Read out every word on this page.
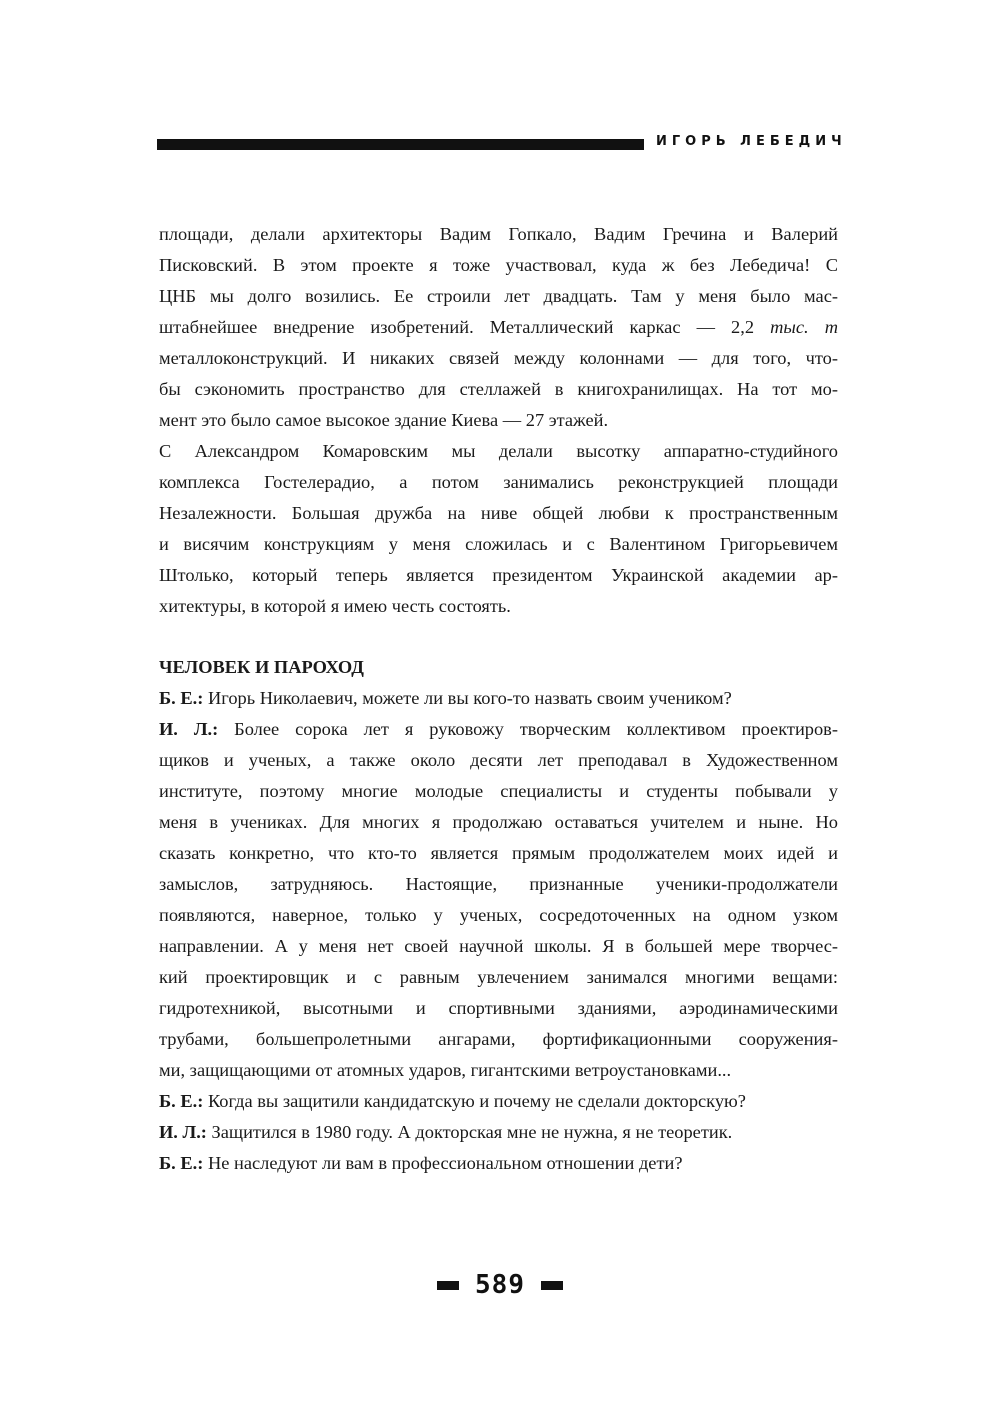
ИГОРЬ ЛЕБЕДИЧ
площади, делали архитекторы Вадим Гопкало, Вадим Гречина и Валерий
Писковский. В этом проекте я тоже участвовал, куда ж без Лебедича! С
ЦНБ мы долго возились. Ее строили лет двадцать. Там у меня было мас-
штабнейшее внедрение изобретений. Металлический каркас — 2,2 тыс. т
металлоконструкций. И никаких связей между колоннами — для того, что-
бы сэкономить пространство для стеллажей в книгохранилищах. На тот мо-
мент это было самое высокое здание Киева — 27 этажей.
С Александром Комаровским мы делали высотку аппаратно-студийного
комплекса Гостелерадио, а потом занимались реконструкцией площади
Незалежности. Большая дружба на ниве общей любви к пространственным
и висячим конструкциям у меня сложилась и с Валентином Григорьевичем
Штолько, который теперь является президентом Украинской академии ар-
хитектуры, в которой я имею честь состоять.
ЧЕЛОВЕК И ПАРОХОД
Б. Е.: Игорь Николаевич, можете ли вы кого-то назвать своим учеником?
И. Л.: Более сорока лет я руковожу творческим коллективом проектиров-
щиков и ученых, а также около десяти лет преподавал в Художественном
институте, поэтому многие молодые специалисты и студенты побывали у
меня в учениках. Для многих я продолжаю оставаться учителем и ныне. Но
сказать конкретно, что кто-то является прямым продолжателем моих идей и
замыслов, затрудняюсь. Настоящие, признанные ученики-продолжатели
появляются, наверное, только у ученых, сосредоточенных на одном узком
направлении. А у меня нет своей научной школы. Я в большей мере творчес-
кий проектировщик и с равным увлечением занимался многими вещами:
гидротехникой, высотными и спортивными зданиями, аэродинамическими
трубами, большепролетными ангарами, фортификационными сооружения-
ми, защищающими от атомных ударов, гигантскими ветроустановками...
Б. Е.: Когда вы защитили кандидатскую и почему не сделали докторскую?
И. Л.: Защитился в 1980 году. А докторская мне не нужна, я не теоретик.
Б. Е.: Не наследуют ли вам в профессиональном отношении дети?
589
